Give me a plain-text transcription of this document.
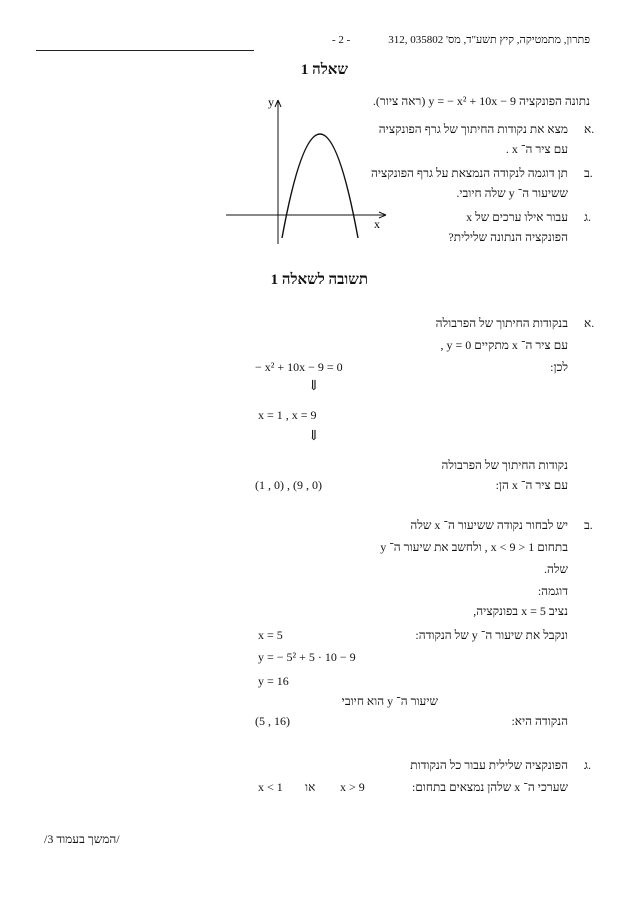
פתרון, מתמטיקה, קיץ תשע"ד, מס' 035802 ,312
- 2 -
שאלה 1
נתונה הפונקציה y = − x² + 10x − 9 (ראה ציור).
א.
מצא את נקודות החיתוך של גרף הפונקציה
עם ציר ה־ x .
ב.
תן דוגמה לנקודה הנמצאת על גרף הפונקציה
ששיעור ה־ y שלה חיובי.
ג.
עבור אילו ערכים של x
הפונקציה הנתונה שלילית?
y
x
תשובה לשאלה 1
א.
בנקודות החיתוך של הפרבולה
עם ציר ה־ x מתקיים y = 0 ,
לכן:
− x² + 10x − 9 = 0
⇓
x = 1 , x = 9
⇓
נקודות החיתוך של הפרבולה
עם ציר ה־ x הן:
(1 , 0) , (9 , 0)
ב.
יש לבחור נקודה ששיעור ה־ x שלה
בתחום 1 < x < 9 , ולחשב את שיעור ה־ y
שלה.
דוגמה:
נציב x = 5 בפונקציה,
ונקבל את שיעור ה־ y של הנקודה:
x = 5
y = − 5² + 5 · 10 − 9
y = 16
שיעור ה־ y הוא חיובי
הנקודה היא:
(5 , 16)
ג.
הפונקציה שלילית עבור כל הנקודות
שערכי ה־ x שלהן נמצאים בתחום:
x > 9
או
x < 1
/המשך בעמוד 3/
